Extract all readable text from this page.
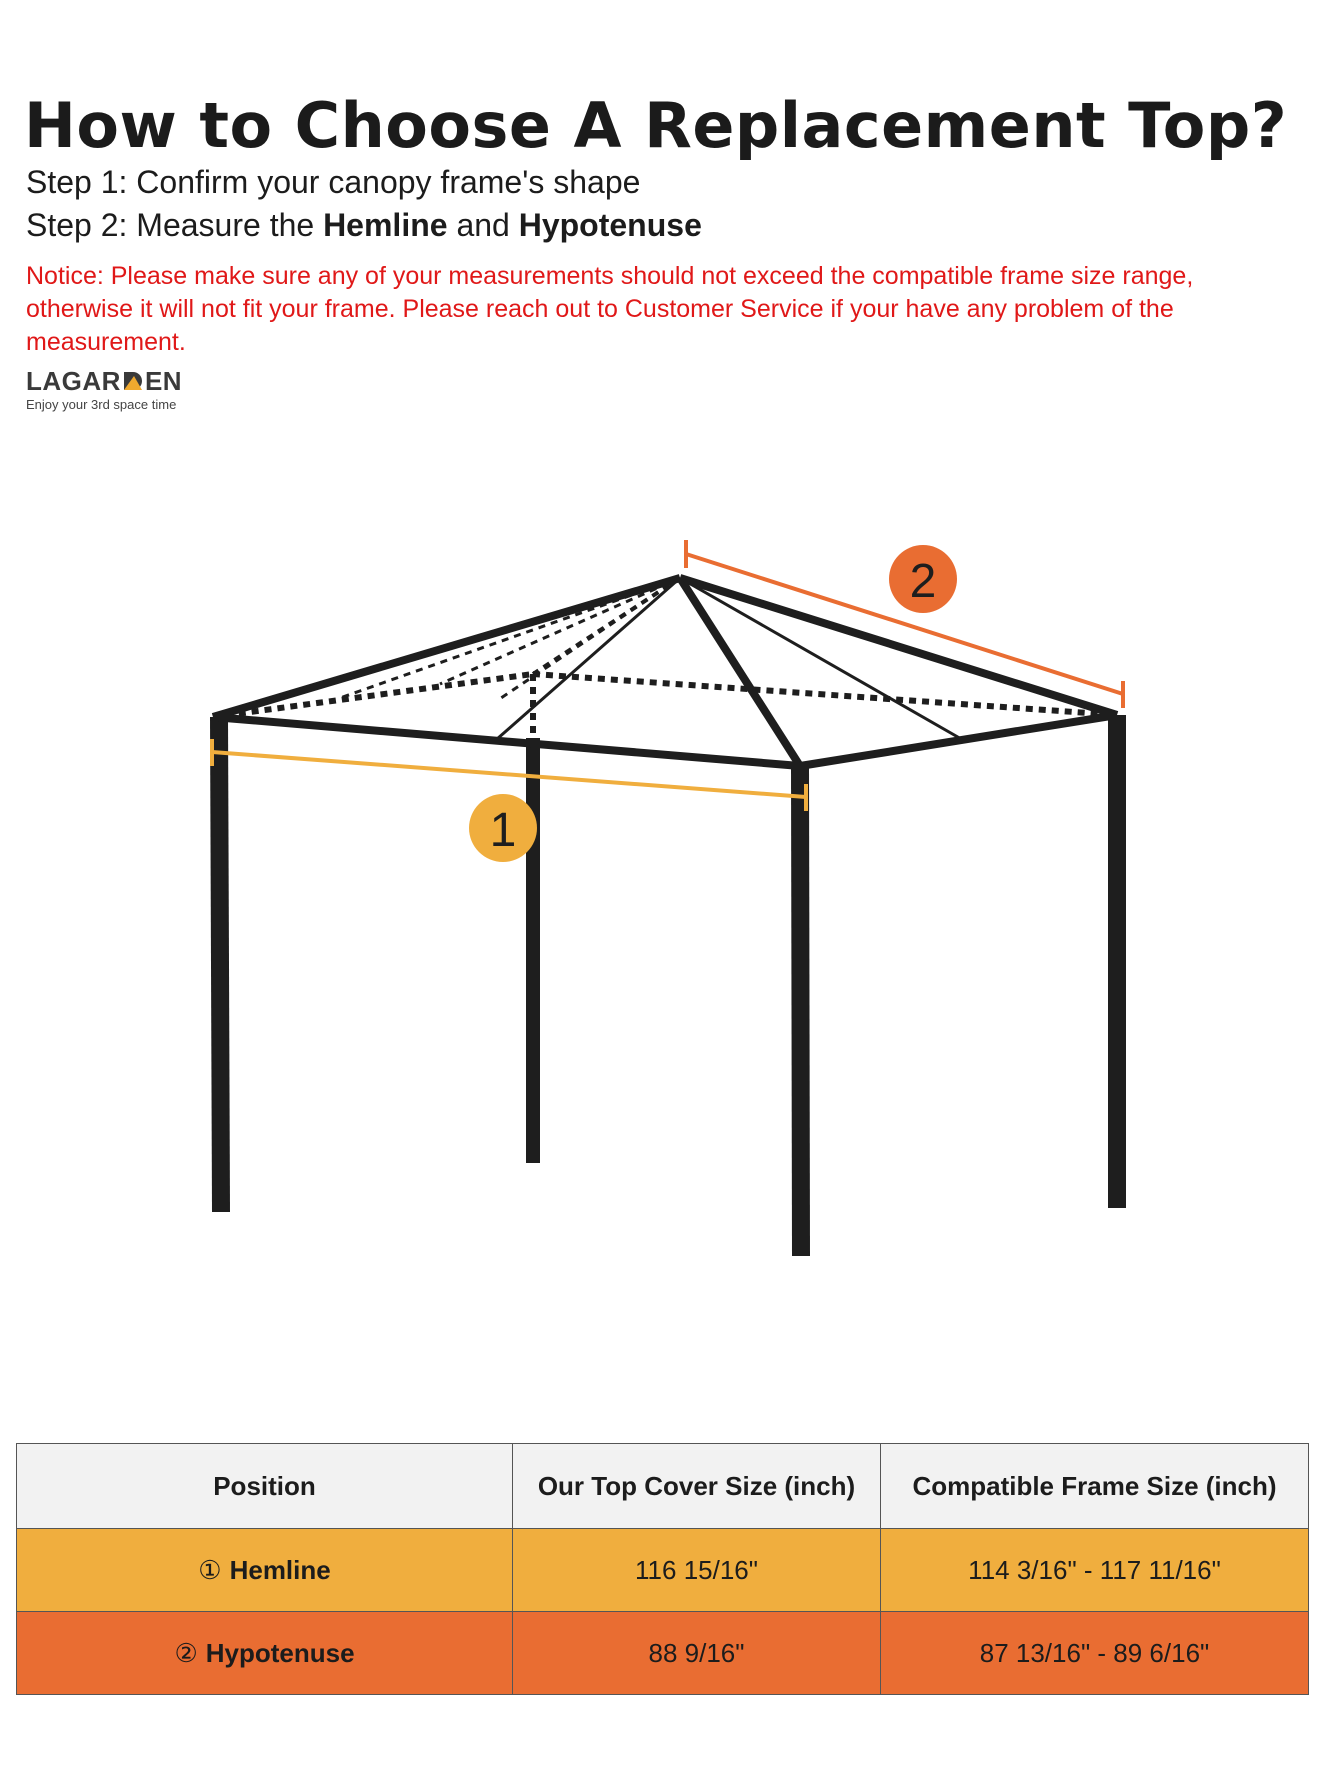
How to Choose A Replacement Top?
Step 1: Confirm your canopy frame's shape
Step 2: Measure the Hemline and Hypotenuse
Notice: Please make sure any of your measurements should not exceed the compatible frame size range, otherwise it will not fit your frame. Please reach out to Customer Service if your have any problem of the measurement.
LAGAR EN
Enjoy your 3rd space time
1
2
Position	Our Top Cover Size (inch)	Compatible Frame Size (inch)
① Hemline	116 15/16"	114 3/16" - 117 11/16"
② Hypotenuse	88 9/16"	87 13/16" - 89 6/16"
